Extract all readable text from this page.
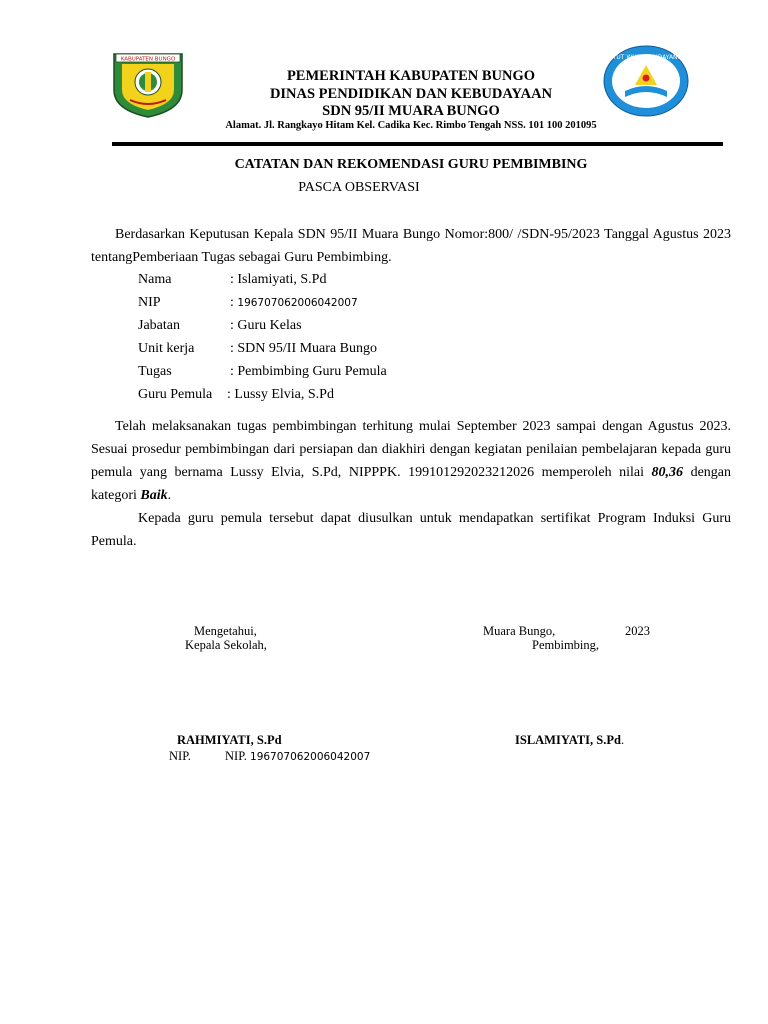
KABUPATEN BUNGO	TUT WURI HANDAYANI
PEMERINTAH KABUPATEN BUNGO
DINAS PENDIDIKAN DAN KEBUDAYAAN
SDN 95/II MUARA BUNGO
Alamat. Jl. Rangkayo Hitam Kel. Cadika Kec. Rimbo Tengah NSS. 101 100 201095
CATATAN DAN REKOMENDASI GURU PEMBIMBING
PASCA OBSERVASI
Berdasarkan Keputusan Kepala SDN 95/II Muara Bungo Nomor:800/ /SDN-95/2023 Tanggal Agustus 2023 tentangPemberiaan Tugas sebagai Guru Pembimbing.
Nama	: Islamiyati, S.Pd
NIP	: 196707062006042007
Jabatan	: Guru Kelas
Unit kerja	: SDN 95/II Muara Bungo
Tugas	: Pembimbing Guru Pemula
Guru Pemula : Lussy Elvia, S.Pd
Telah melaksanakan tugas pembimbingan terhitung mulai September 2023 sampai dengan Agustus 2023. Sesuai prosedur pembimbingan dari persiapan dan diakhiri dengan kegiatan penilaian pembelajaran kepada guru pemula yang bernama Lussy Elvia, S.Pd, NIPPPK. 199101292023212026 memperoleh nilai 80,36 dengan kategori Baik.
Kepada guru pemula tersebut dapat diusulkan untuk mendapatkan sertifikat Program Induksi Guru Pemula.
Mengetahui,
Kepala Sekolah,
Muara Bungo,	2023
Pembimbing,
RAHMIYATI, S.Pd	ISLAMIYATI, S.Pd.
NIP.	NIP. 196707062006042007
